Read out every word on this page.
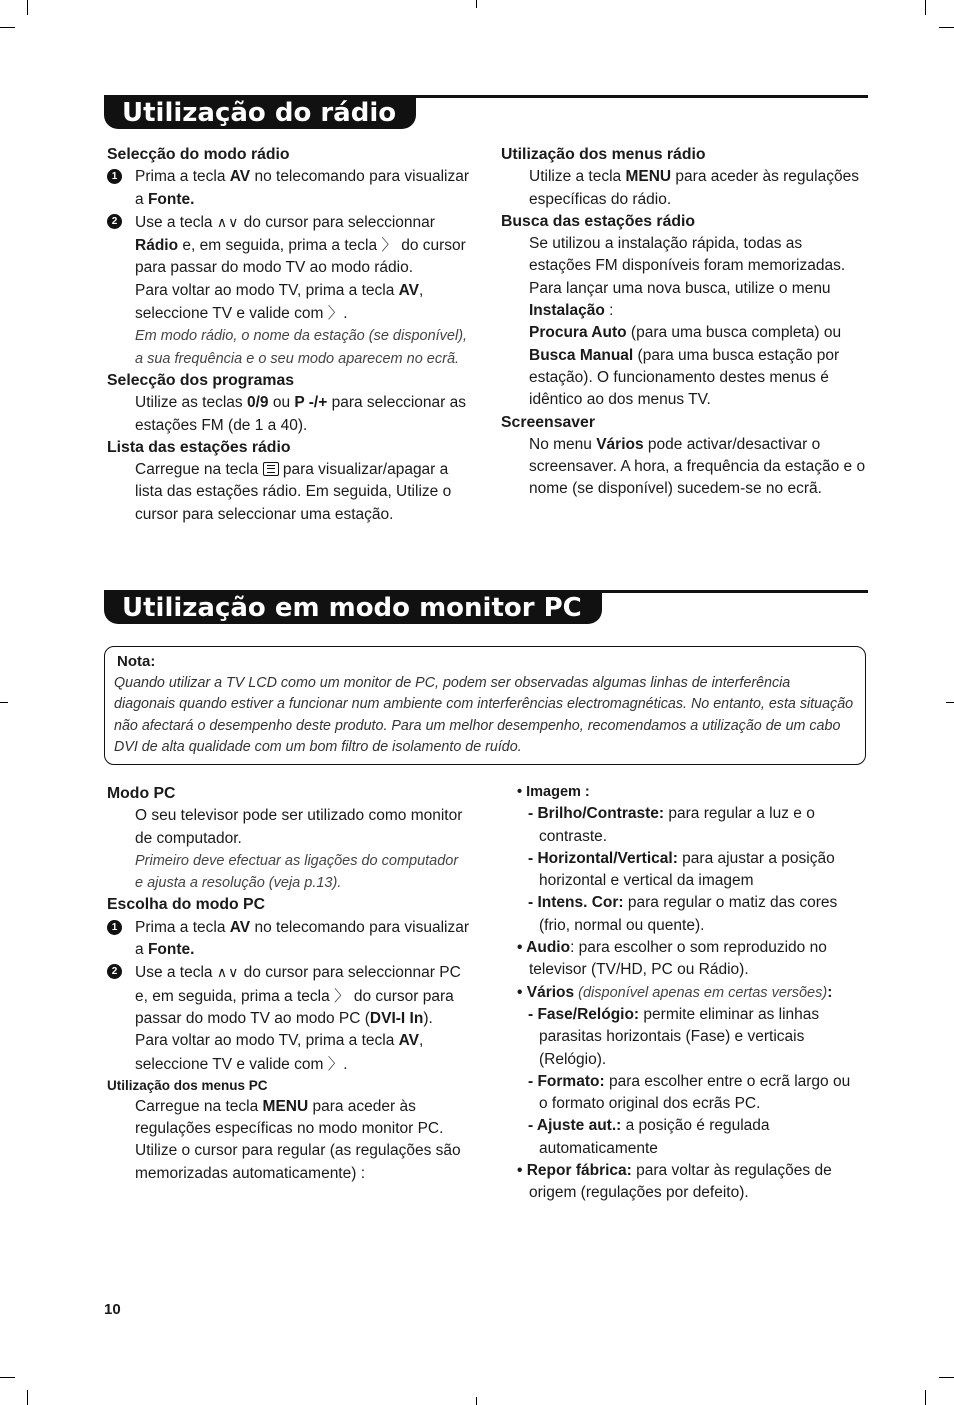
Utilização do rádio
Selecção do modo rádio
1	Prima a tecla AV no telecomando para visualizar a Fonte.
2	Use a tecla ∧∨ do cursor para seleccionnar Rádio e, em seguida, prima a tecla 〉 do cursor para passar do modo TV ao modo rádio.
Para voltar ao modo TV, prima a tecla AV, seleccione TV e valide com 〉.
Em modo rádio, o nome da estação (se disponível), a sua frequência e o seu modo aparecem no ecrã.
Selecção dos programas
Utilize as teclas 0/9 ou P -/+ para seleccionar as estações FM (de 1 a 40).
Lista das estações rádio
Carregue na tecla  para visualizar/apagar a lista das estações rádio. Em seguida, Utilize o cursor para seleccionar uma estação.
Utilização dos menus rádio
Utilize a tecla MENU para aceder às regulações específicas do rádio.
Busca das estações rádio
Se utilizou a instalação rápida, todas as estações FM disponíveis foram memorizadas. Para lançar uma nova busca, utilize o menu Instalação :
Procura Auto (para uma busca completa) ou Busca Manual (para uma busca estação por estação). O funcionamento destes menus é idêntico ao dos menus TV.
Screensaver
No menu Vários pode activar/desactivar o screensaver. A hora, a frequência da estação e o nome (se disponível) sucedem-se no ecrã.
Utilização em modo monitor PC
Nota:
Quando utilizar a TV LCD como um monitor de PC, podem ser observadas algumas linhas de interferência diagonais quando estiver a funcionar num ambiente com interferências electromagnéticas. No entanto, esta situação não afectará o desempenho deste produto. Para um melhor desempenho, recomendamos a utilização de um cabo DVI de alta qualidade com um bom filtro de isolamento de ruído.
Modo PC
O seu televisor pode ser utilizado como monitor de computador.
Primeiro deve efectuar as ligações do computador e ajusta a resolução (veja p.13).
Escolha do modo PC
1	Prima a tecla AV no telecomando para visualizar a Fonte.
2	Use a tecla ∧∨ do cursor para seleccionnar PC e, em seguida, prima a tecla 〉 do cursor para passar do modo TV ao modo PC (DVI-I In).
Para voltar ao modo TV, prima a tecla AV, seleccione TV e valide com 〉.
Utilização dos menus PC
Carregue na tecla MENU para aceder às regulações específicas no modo monitor PC. Utilize o cursor para regular (as regulações são memorizadas automaticamente) :
• Imagem :
- Brilho/Contraste: para regular a luz e o contraste.
- Horizontal/Vertical: para ajustar a posição horizontal e vertical da imagem
- Intens. Cor: para regular o matiz das cores (frio, normal ou quente).
• Audio: para escolher o som reproduzido no televisor (TV/HD, PC ou Rádio).
• Vários (disponível apenas em certas versões):
- Fase/Relógio: permite eliminar as linhas parasitas horizontais (Fase) e verticais (Relógio).
- Formato: para escolher entre o ecrã largo ou o formato original dos ecrãs PC.
- Ajuste aut.: a posição é regulada automaticamente
• Repor fábrica: para voltar às regulações de origem (regulações por defeito).
10
